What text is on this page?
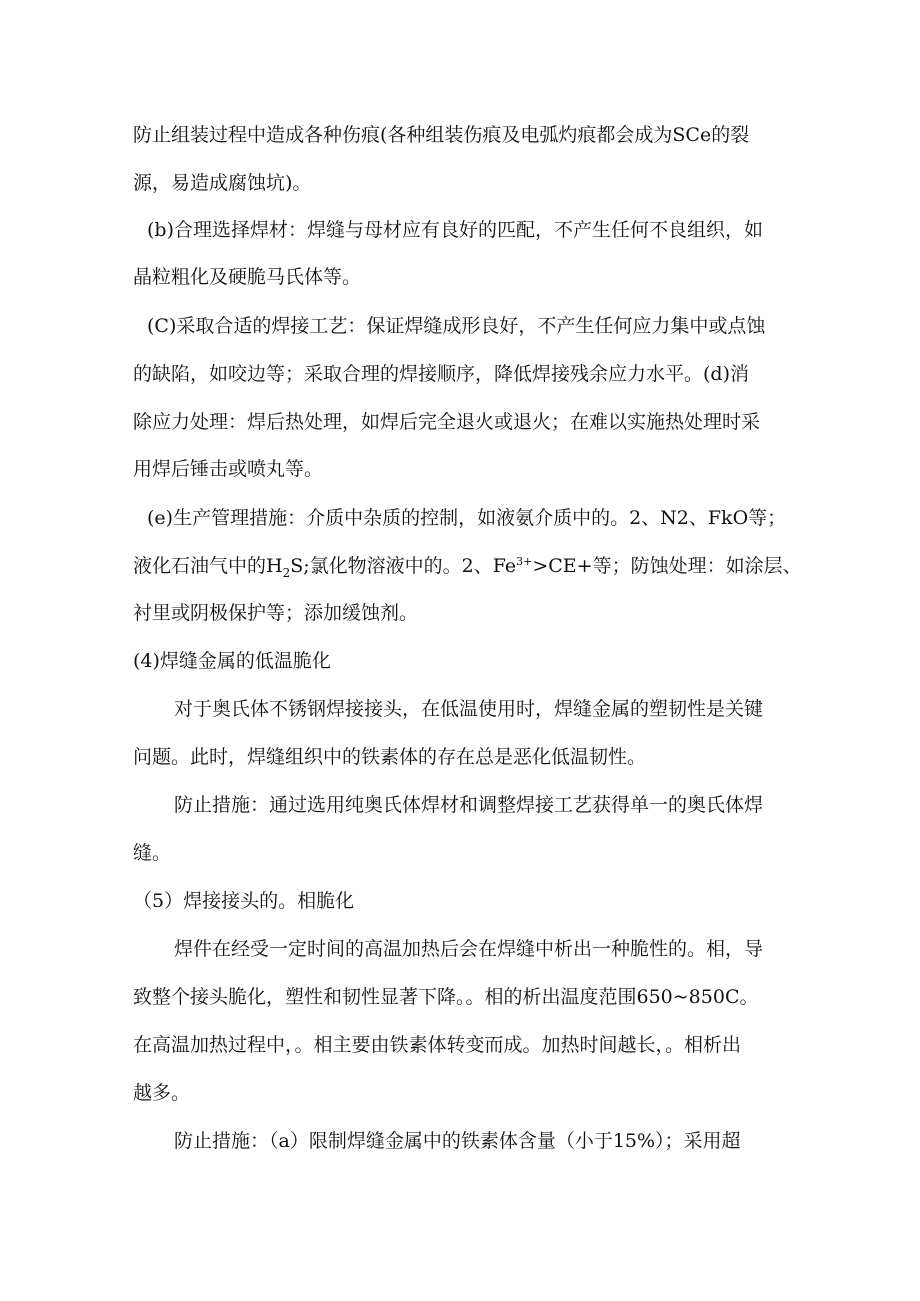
防止组装过程中造成各种伤痕(各种组装伤痕及电弧灼痕都会成为SCe的裂
源，易造成腐蚀坑)。
(b)合理选择焊材：焊缝与母材应有良好的匹配，不产生任何不良组织，如
晶粒粗化及硬脆马氏体等。
(C)采取合适的焊接工艺：保证焊缝成形良好，不产生任何应力集中或点蚀
的缺陷，如咬边等；采取合理的焊接顺序，降低焊接残余应力水平。(d)消
除应力处理：焊后热处理，如焊后完全退火或退火；在难以实施热处理时采
用焊后锤击或喷丸等。
(e)生产管理措施：介质中杂质的控制，如液氨介质中的。2、N2、FkO等；
液化石油气中的$H_2S$;氯化物溶液中的。2、$Fe^{3+}>CE+$等；防蚀处理：如涂层、
衬里或阴极保护等；添加缓蚀剂。
(4)焊缝金属的低温脆化
对于奥氏体不锈钢焊接接头，在低温使用时，焊缝金属的塑韧性是关键
问题。此时，焊缝组织中的铁素体的存在总是恶化低温韧性。
防止措施：通过选用纯奥氏体焊材和调整焊接工艺获得单一的奥氏体焊
缝。
（5）焊接接头的。相脆化
焊件在经受一定时间的高温加热后会在焊缝中析出一种脆性的。相，导
致整个接头脆化，塑性和韧性显著下降。。相的析出温度范围650~850C。
在高温加热过程中，。相主要由铁素体转变而成。加热时间越长，。相析出
越多。
防止措施：（a）限制焊缝金属中的铁素体含量（小于15%）；采用超
